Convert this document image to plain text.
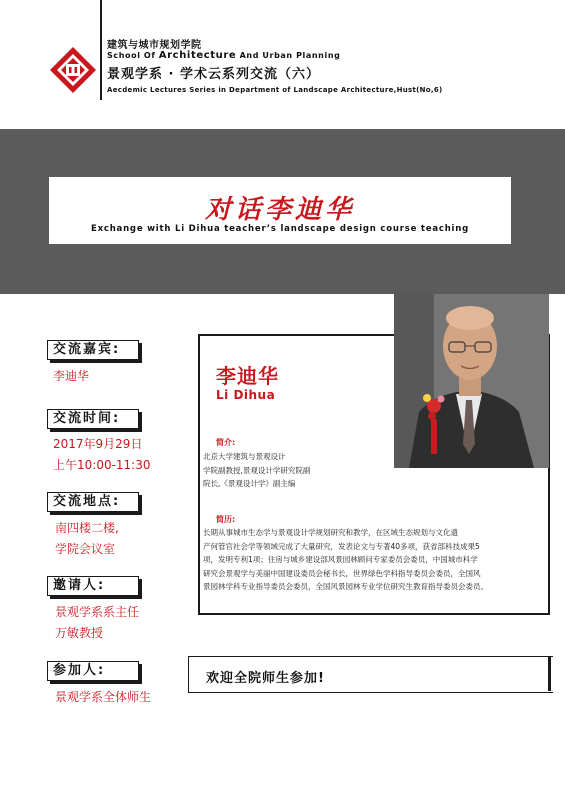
建筑与城市规划学院
School Of Architecture And Urban Planning
景观学系 · 学术云系列交流（六）
Aecdemic Lectures Series in Department of Landscape Architecture,Hust(No,6)
对话李迪华
Exchange with Li Dihua teacher’s landscape design course teaching
交流嘉宾:
李迪华
交流时间:
2017年9月29日
上午10:00-11:30
交流地点:
南四楼二楼,
学院会议室
邀请人:
景观学系系主任
万敏教授
参加人:
景观学系全体师生
李迪华
Li Dihua
简介:
北京大学建筑与景观设计
学院副教授,景观设计学研究院副
院长,《景观设计学》副主编
简历:
长期从事城市生态学与景观设计学规划研究和教学，在区域生态规划与文化遗
产何管官社会学等领域完成了大量研究，发表论文与专著40多项，获省部科技成果5
项，发明专利1项；住房与城乡建设部风景园林顾问专家委员会委员，中国城市科学
研究会景观学与美丽中国建设委员会秘书长，世界绿色学科指导委员会委员，全国风
景园林学科专业指导委员会委员，全国风景园林专业学位研究生教育指导委员会委员。
欢迎全院师生参加!
